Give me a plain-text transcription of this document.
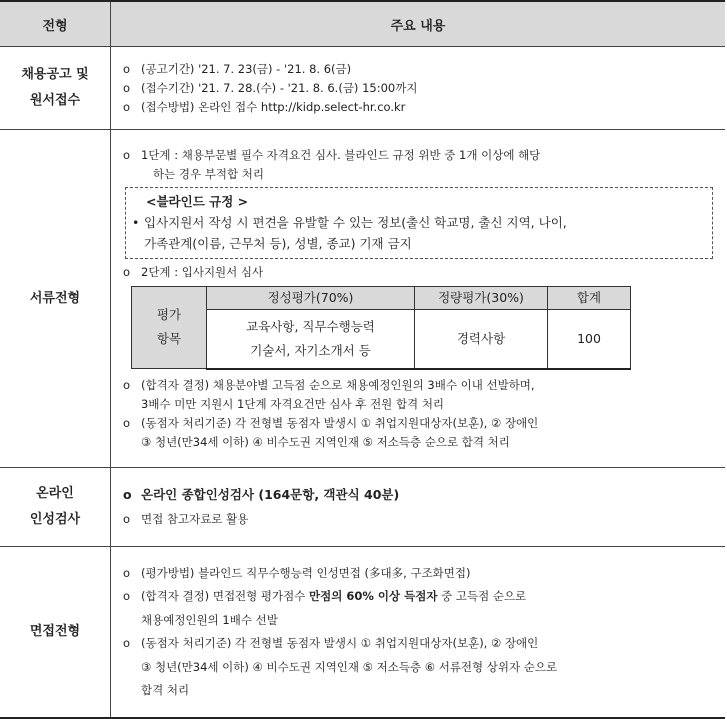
전형	주요 내용

채용공고 및
원서접수

o (공고기간) '21. 7. 23(금) - '21. 8. 6(금)
o (접수기간) '21. 7. 28.(수) - '21. 8. 6.(금) 15:00까지
o (접수방법) 온라인 접수 http://kidp.select-hr.co.kr

서류전형	
o 1단계 : 채용부문별 필수 자격요건 심사. 블라인드 규정 위반 중 1개 이상에 해당
하는 경우 부적합 처리
<블라인드 규정 >
• 입사지원서 작성 시 편견을 유발할 수 있는 정보(출신 학교명, 출신 지역, 나이,
가족관계(이름, 근무처 등), 성별, 종교) 기재 금지
o 2단계 : 입사지원서 심사
평가
항목
	정성평가(70%)	정량평가(30%)	합계

교육사항, 직무수행능력
기술서, 자기소개서 등
	경력사항	100
o (합격자 결정) 채용분야별 고득점 순으로 채용예정인원의 3배수 이내 선발하며,
3배수 미만 지원시 1단계 자격요건만 심사 후 전원 합격 처리
o (동점자 처리기준) 각 전형별 동점자 발생시 ① 취업지원대상자(보훈), ② 장애인
③ 청년(만34세 이하) ④ 비수도권 지역인재 ⑤ 저소득층 순으로 합격 처리

온라인
인성검사

o 온라인 종합인성검사 (164문항, 객관식 40분)
o 면접 참고자료로 활용

면접전형	
o (평가방법) 블라인드 직무수행능력 인성면접 (多대多, 구조화면접)
o (합격자 결정) 면접전형 평가점수 만점의 60% 이상 득점자 중 고득점 순으로
채용예정인원의 1배수 선발
o (동점자 처리기준) 각 전형별 동점자 발생시 ① 취업지원대상자(보훈), ② 장애인
③ 청년(만34세 이하) ④ 비수도권 지역인재 ⑤ 저소득층 ⑥ 서류전형 상위자 순으로
합격 처리
